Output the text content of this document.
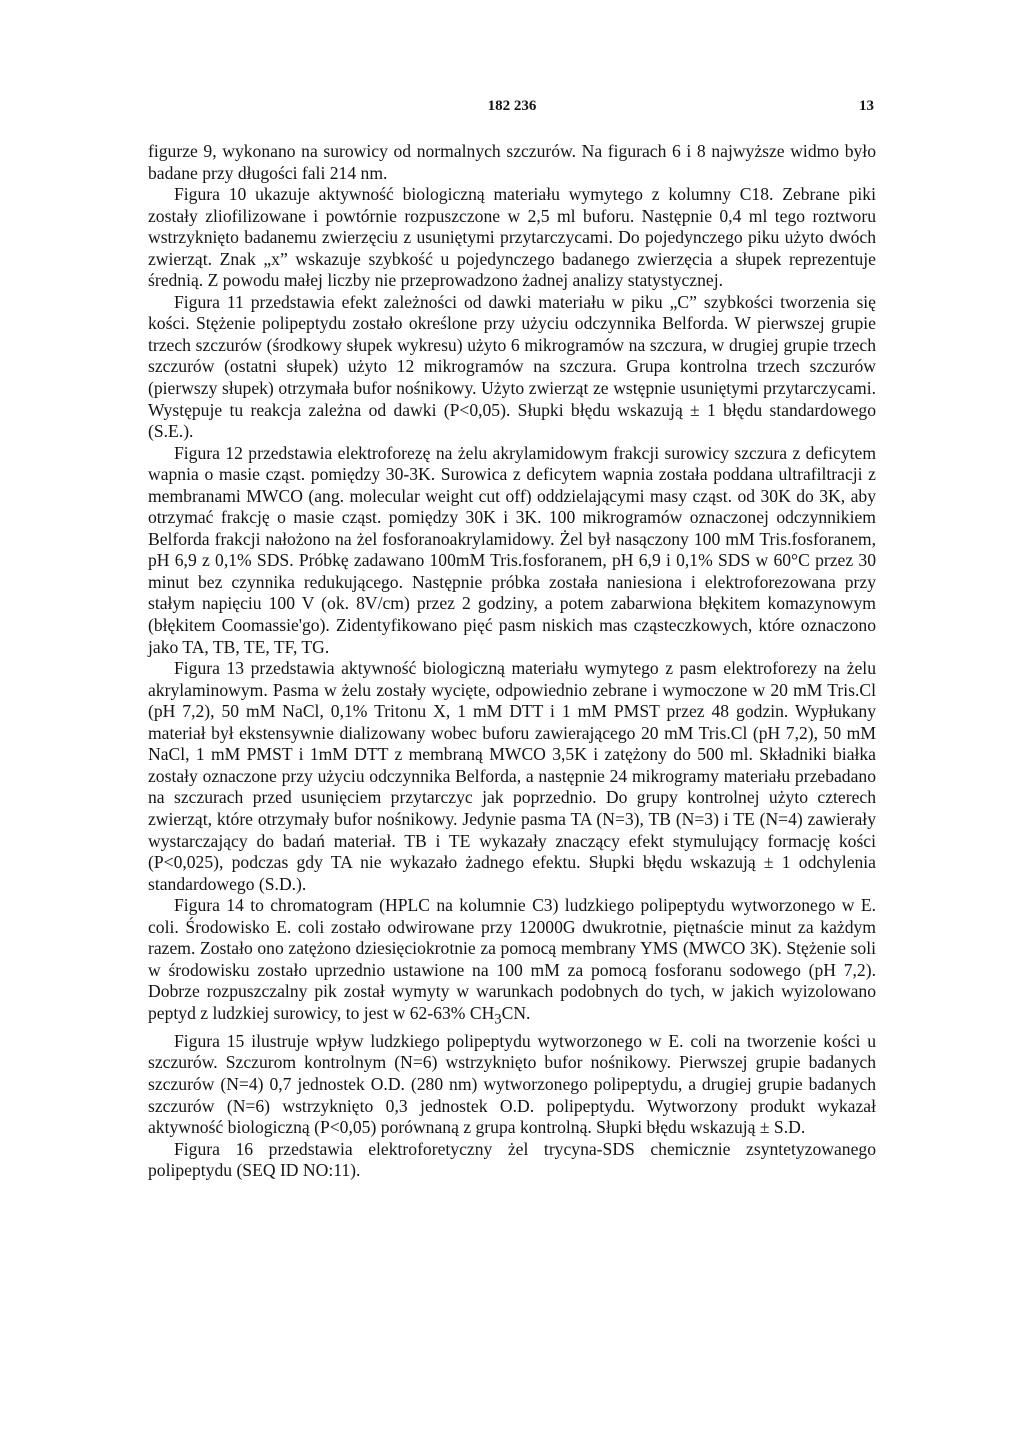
182 236	13

figurze 9, wykonano na surowicy od normalnych szczurów. Na figurach 6 i 8 najwyższe widmo było badane przy długości fali 214 nm.

Figura 10 ukazuje aktywność biologiczną materiału wymytego z kolumny C18. Zebrane piki zostały zliofilizowane i powtórnie rozpuszczone w 2,5 ml buforu. Następnie 0,4 ml tego roztworu wstrzyknięto badanemu zwierzęciu z usuniętymi przytarczycami. Do pojedynczego piku użyto dwóch zwierząt. Znak „x” wskazuje szybkość u pojedynczego badanego zwierzęcia a słupek reprezentuje średnią. Z powodu małej liczby nie przeprowadzono żadnej analizy statystycznej.

Figura 11 przedstawia efekt zależności od dawki materiału w piku „C” szybkości tworzenia się kości. Stężenie polipeptydu zostało określone przy użyciu odczynnika Belforda. W pierwszej grupie trzech szczurów (środkowy słupek wykresu) użyto 6 mikrogramów na szczura, w drugiej grupie trzech szczurów (ostatni słupek) użyto 12 mikrogramów na szczura. Grupa kontrolna trzech szczurów (pierwszy słupek) otrzymała bufor nośnikowy. Użyto zwierząt ze wstępnie usuniętymi przytarczycami. Występuje tu reakcja zależna od dawki (P<0,05). Słupki błędu wskazują ± 1 błędu standardowego (S.E.).

Figura 12 przedstawia elektroforezę na żelu akrylamidowym frakcji surowicy szczura z deficytem wapnia o masie cząst. pomiędzy 30-3K. Surowica z deficytem wapnia została poddana ultrafiltracji z membranami MWCO (ang. molecular weight cut off) oddzielającymi masy cząst. od 30K do 3K, aby otrzymać frakcję o masie cząst. pomiędzy 30K i 3K. 100 mikrogramów oznaczonej odczynnikiem Belforda frakcji nałożono na żel fosforanoakrylamidowy. Żel był nasączony 100 mM Tris.fosforanem, pH 6,9 z 0,1% SDS. Próbkę zadawano 100mM Tris.fosforanem, pH 6,9 i 0,1% SDS w 60°C przez 30 minut bez czynnika redukującego. Następnie próbka została naniesiona i elektroforezowana przy stałym napięciu 100 V (ok. 8V/cm) przez 2 godziny, a potem zabarwiona błękitem komazynowym (błękitem Coomassie'go). Zidentyfikowano pięć pasm niskich mas cząsteczkowych, które oznaczono jako TA, TB, TE, TF, TG.

Figura 13 przedstawia aktywność biologiczną materiału wymytego z pasm elektroforezy na żelu akrylaminowym. Pasma w żelu zostały wycięte, odpowiednio zebrane i wymoczone w 20 mM Tris.Cl (pH 7,2), 50 mM NaCl, 0,1% Tritonu X, 1 mM DTT i 1 mM PMST przez 48 godzin. Wypłukany materiał był ekstensywnie dializowany wobec buforu zawierającego 20 mM Tris.Cl (pH 7,2), 50 mM NaCl, 1 mM PMST i 1mM DTT z membraną MWCO 3,5K i zatężony do 500 ml. Składniki białka zostały oznaczone przy użyciu odczynnika Belforda, a następnie 24 mikrogramy materiału przebadano na szczurach przed usunięciem przytarczyc jak poprzednio. Do grupy kontrolnej użyto czterech zwierząt, które otrzymały bufor nośnikowy. Jedynie pasma TA (N=3), TB (N=3) i TE (N=4) zawierały wystarczający do badań materiał. TB i TE wykazały znaczący efekt stymulujący formację kości (P<0,025), podczas gdy TA nie wykazało żadnego efektu. Słupki błędu wskazują ± 1 odchylenia standardowego (S.D.).

Figura 14 to chromatogram (HPLC na kolumnie C3) ludzkiego polipeptydu wytworzonego w E. coli. Środowisko E. coli zostało odwirowane przy 12000G dwukrotnie, piętnaście minut za każdym razem. Zostało ono zatężono dziesięciokrotnie za pomocą membrany YMS (MWCO 3K). Stężenie soli w środowisku zostało uprzednio ustawione na 100 mM za pomocą fosforanu sodowego (pH 7,2). Dobrze rozpuszczalny pik został wymyty w warunkach podobnych do tych, w jakich wyizolowano peptyd z ludzkiej surowicy, to jest w 62-63% $CH_3CN$.

Figura 15 ilustruje wpływ ludzkiego polipeptydu wytworzonego w E. coli na tworzenie kości u szczurów. Szczurom kontrolnym (N=6) wstrzyknięto bufor nośnikowy. Pierwszej grupie badanych szczurów (N=4) 0,7 jednostek O.D. (280 nm) wytworzonego polipeptydu, a drugiej grupie badanych szczurów (N=6) wstrzyknięto 0,3 jednostek O.D. polipeptydu. Wytworzony produkt wykazał aktywność biologiczną (P<0,05) porównaną z grupa kontrolną. Słupki błędu wskazują ± S.D.

Figura 16 przedstawia elektroforetyczny żel trycyna-SDS chemicznie zsyntetyzowanego polipeptydu (SEQ ID NO:11).
